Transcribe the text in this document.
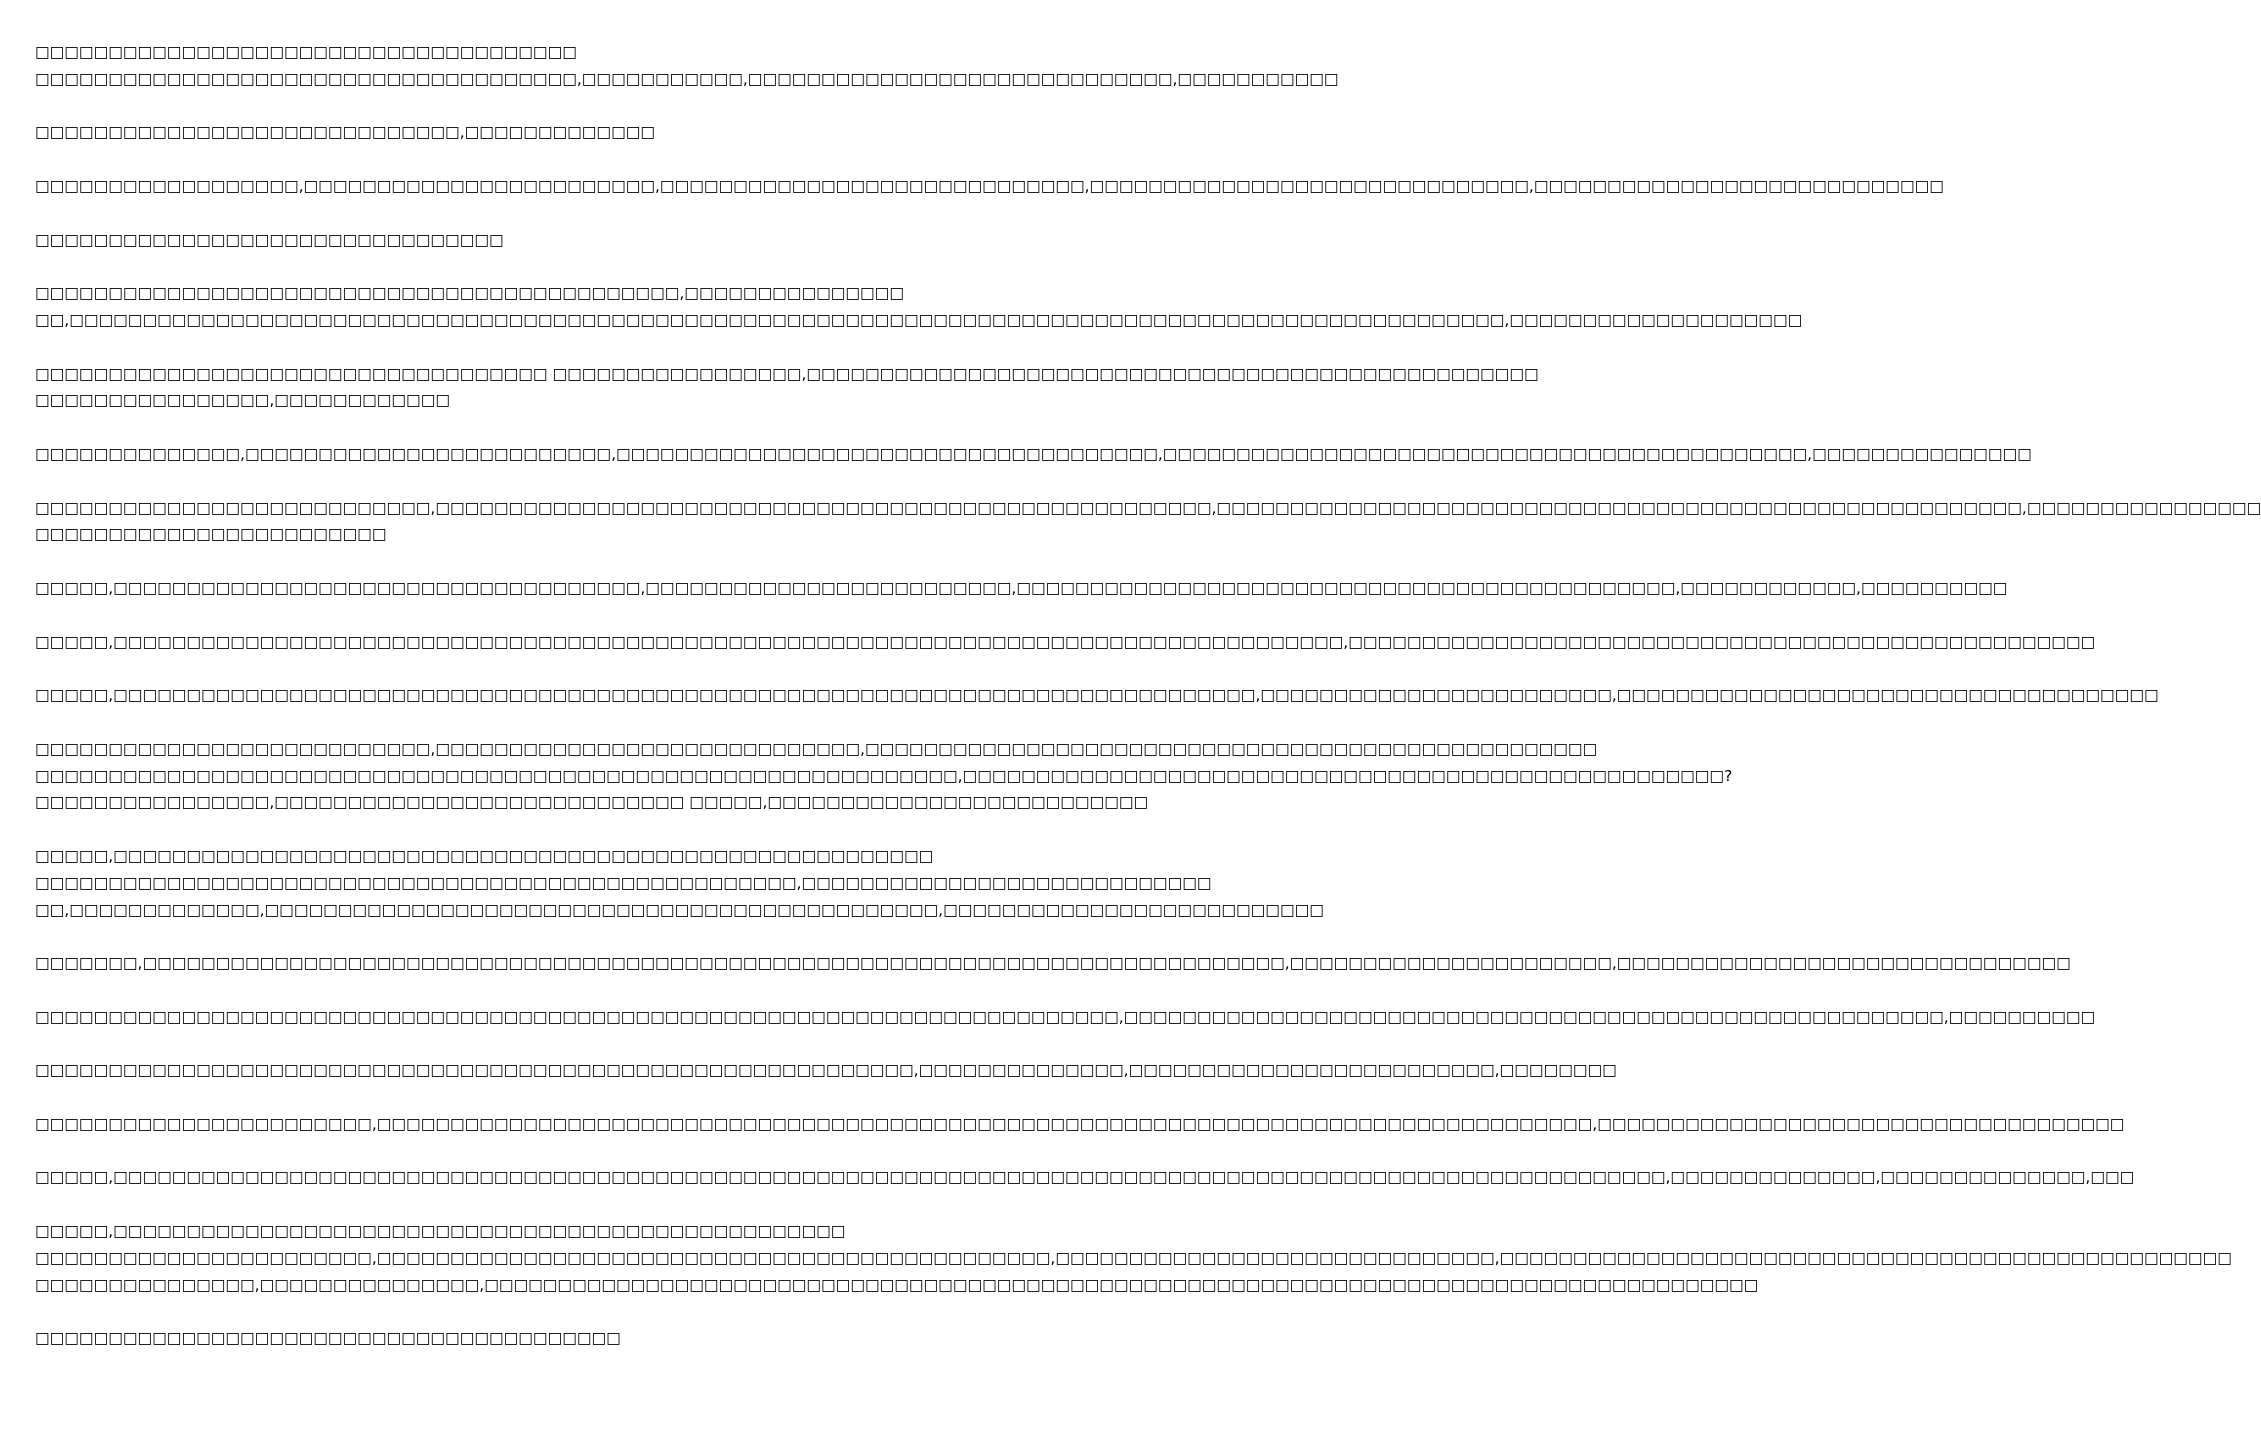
□□□□□□□□□□□□□□□□□□□□□□□□□□□□□□□□□□□□□
□□□□□□□□□□□□□□□□□□□□□□□□□□□□□□□□□□□□□,□□□□□□□□□□□,□□□□□□□□□□□□□□□□□□□□□□□□□□□□□,□□□□□□□□□□□
□□□□□□□□□□□□□□□□□□□□□□□□□□□□□,□□□□□□□□□□□□□
□□□□□□□□□□□□□□□□□□,□□□□□□□□□□□□□□□□□□□□□□□□,□□□□□□□□□□□□□□□□□□□□□□□□□□□□□,□□□□□□□□□□□□□□□□□□□□□□□□□□□□□□,□□□□□□□□□□□□□□□□□□□□□□□□□□□□
□□□□□□□□□□□□□□□□□□□□□□□□□□□□□□□□
□□□□□□□□□□□□□□□□□□□□□□□□□□□□□□□□□□□□□□□□□□□□,□□□□□□□□□□□□□□□
□□,□□□□□□□□□□□□□□□□□□□□□□□□□□□□□□□□□□□□□□□□□□□□□□□□□□□□□□□□□□□□□□□□□□□□□□□□□□□□□□□□□□□□□□□□□□□□□□□□□□,□□□□□□□□□□□□□□□□□□□□
□□□□□□□□□□□□□□□□□□□□□□□□□□□□□□□□□□□ □□□□□□□□□□□□□□□□□,□□□□□□□□□□□□□□□□□□□□□□□□□□□□□□□□□□□□□□□□□□□□□□□□□□
□□□□□□□□□□□□□□□□,□□□□□□□□□□□□
□□□□□□□□□□□□□□,□□□□□□□□□□□□□□□□□□□□□□□□□,□□□□□□□□□□□□□□□□□□□□□□□□□□□□□□□□□□□□□,□□□□□□□□□□□□□□□□□□□□□□□□□□□□□□□□□□□□□□□□□□□□,□□□□□□□□□□□□□□□
□□□□□□□□□□□□□□□□□□□□□□□□□□□,□□□□□□□□□□□□□□□□□□□□□□□□□□□□□□□□□□□□□□□□□□□□□□□□□□□□□,□□□□□□□□□□□□□□□□□□□□□□□□□□□□□□□□□□□□□□□□□□□□□□□□□□□□□□□,□□□□□□□□□□□□□□□□
□□□□□□□□□□□□□□□□□□□□□□□□
□□□□□,□□□□□□□□□□□□□□□□□□□□□□□□□□□□□□□□□□□□,□□□□□□□□□□□□□□□□□□□□□□□□□,□□□□□□□□□□□□□□□□□□□□□□□□□□□□□□□□□□□□□□□□□□□□□,□□□□□□□□□□□□,□□□□□□□□□□
□□□□□,□□□□□□□□□□□□□□□□□□□□□□□□□□□□□□□□□□□□□□□□□□□□□□□□□□□□□□□□□□□□□□□□□□□□□□□□□□□□□□□□□□□□,□□□□□□□□□□□□□□□□□□□□□□□□□□□□□□□□□□□□□□□□□□□□□□□□□□□
□□□□□,□□□□□□□□□□□□□□□□□□□□□□□□□□□□□□□□□□□□□□□□□□□□□□□□□□□□□□□□□□□□□□□□□□□□□□□□□□□□□□,□□□□□□□□□□□□□□□□□□□□□□□□,□□□□□□□□□□□□□□□□□□□□□□□□□□□□□□□□□□□□□
□□□□□□□□□□□□□□□□□□□□□□□□□□□,□□□□□□□□□□□□□□□□□□□□□□□□□□□□□,□□□□□□□□□□□□□□□□□□□□□□□□□□□□□□□□□□□□□□□□□□□□□□□□□□
□□□□□□□□□□□□□□□□□□□□□□□□□□□□□□□□□□□□□□□□□□□□□□□□□□□□□□□□□□□□□□□,□□□□□□□□□□□□□□□□□□□□□□□□□□□□□□□□□□□□□□□□□□□□□□□□□□□□?
□□□□□□□□□□□□□□□□,□□□□□□□□□□□□□□□□□□□□□□□□□□□□ □□□□□,□□□□□□□□□□□□□□□□□□□□□□□□□□
□□□□□,□□□□□□□□□□□□□□□□□□□□□□□□□□□□□□□□□□□□□□□□□□□□□□□□□□□□□□□□
□□□□□□□□□□□□□□□□□□□□□□□□□□□□□□□□□□□□□□□□□□□□□□□□□□□□,□□□□□□□□□□□□□□□□□□□□□□□□□□□□
□□,□□□□□□□□□□□□□,□□□□□□□□□□□□□□□□□□□□□□□□□□□□□□□□□□□□□□□□□□□□□□,□□□□□□□□□□□□□□□□□□□□□□□□□□
□□□□□□□,□□□□□□□□□□□□□□□□□□□□□□□□□□□□□□□□□□□□□□□□□□□□□□□□□□□□□□□□□□□□□□□□□□□□□□□□□□□□□□,□□□□□□□□□□□□□□□□□□□□□□,□□□□□□□□□□□□□□□□□□□□□□□□□□□□□□□
□□□□□□□□□□□□□□□□□□□□□□□□□□□□□□□□□□□□□□□□□□□□□□□□□□□□□□□□□□□□□□□□□□□□□□□□□□,□□□□□□□□□□□□□□□□□□□□□□□□□□□□□□□□□□□□□□□□□□□□□□□□□□□□□□□□,□□□□□□□□□□
□□□□□□□□□□□□□□□□□□□□□□□□□□□□□□□□□□□□□□□□□□□□□□□□□□□□□□□□□□□□,□□□□□□□□□□□□□□,□□□□□□□□□□□□□□□□□□□□□□□□□,□□□□□□□□
□□□□□□□□□□□□□□□□□□□□□□□,□□□□□□□□□□□□□□□□□□□□□□□□□□□□□□□□□□□□□□□□□□□□□□□□□□□□□□□□□□□□□□□□□□□□□□□□□□□□□□□□□□□,□□□□□□□□□□□□□□□□□□□□□□□□□□□□□□□□□□□□
□□□□□,□□□□□□□□□□□□□□□□□□□□□□□□□□□□□□□□□□□□□□□□□□□□□□□□□□□□□□□□□□□□□□□□□□□□□□□□□□□□□□□□□□□□□□□□□□□□□□□□□□□□□□□□□□,□□□□□□□□□□□□□□,□□□□□□□□□□□□□□,□□□
□□□□□,□□□□□□□□□□□□□□□□□□□□□□□□□□□□□□□□□□□□□□□□□□□□□□□□□□
□□□□□□□□□□□□□□□□□□□□□□□,□□□□□□□□□□□□□□□□□□□□□□□□□□□□□□□□□□□□□□□□□□□□□□,□□□□□□□□□□□□□□□□□□□□□□□□□□□□□□,□□□□□□□□□□□□□□□□□□□□□□□□□□□□□□□□□□□□□□□□□□□□□□□□□□
□□□□□□□□□□□□□□□,□□□□□□□□□□□□□□□,□□□□□□□□□□□□□□□□□□□□□□□□□□□□□□□□□□□□□□□□□□□□□□□□□□□□□□□□□□□□□□□□□□□□□□□□□□□□□□□□□□□□□□□
□□□□□□□□□□□□□□□□□□□□□□□□□□□□□□□□□□□□□□□□
